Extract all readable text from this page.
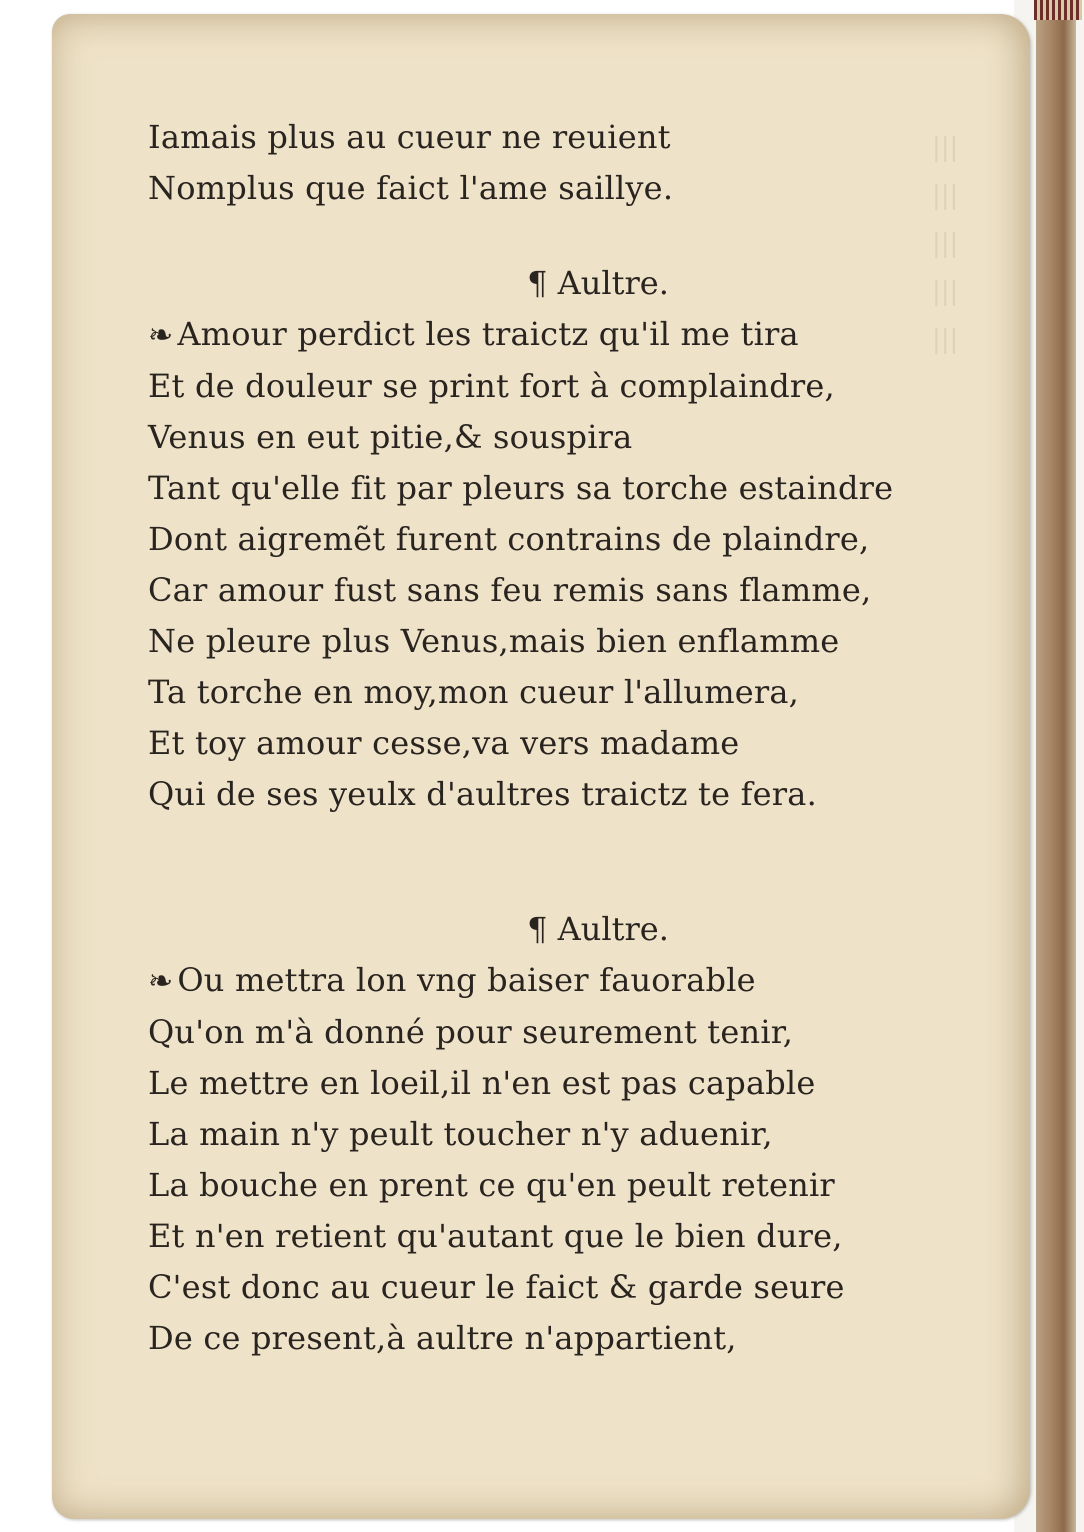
|||
|||
|||
|||
|||
Iamais plus au cueur ne reuient
Nomplus que faict l'ame saillye.
¶ Aultre.
❧ Amour perdict les traictz qu'il me tira
Et de douleur se print fort à complaindre,
Venus en eut pitie,& souspira
Tant qu'elle fit par pleurs sa torche estaindre
Dont aigremẽt furent contrains de plaindre,
Car amour fust sans feu remis sans flamme,
Ne pleure plus Venus,mais bien enflamme
Ta torche en moy,mon cueur l'allumera,
Et toy amour cesse,va vers madame
Qui de ses yeulx d'aultres traictz te fera.
¶ Aultre.
❧ Ou mettra lon vng baiser fauorable
Qu'on m'à donné pour seurement tenir,
Le mettre en loeil,il n'en est pas capable
La main n'y peult toucher n'y aduenir,
La bouche en prent ce qu'en peult retenir
Et n'en retient qu'autant que le bien dure,
C'est donc au cueur le faict & garde seure
De ce present,à aultre n'appartient,
